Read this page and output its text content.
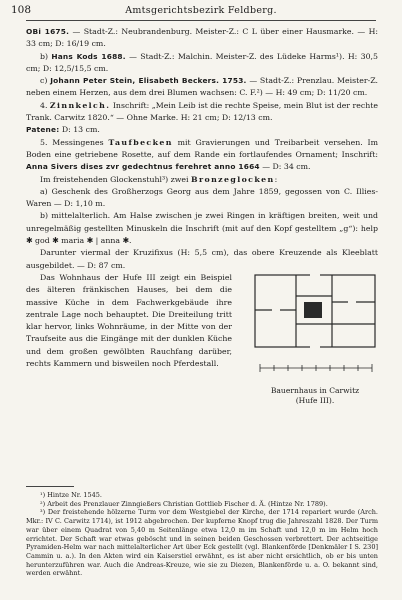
108	Amtsgerichtsbezirk Feldberg.

OBi 1675. — Stadt-Z.: Neubrandenburg. Meister-Z.: C L über einer Hausmarke. — H: 33 cm; D: 16/19 cm.

b) Hans Kods 1688. — Stadt-Z.: Malchin. Meister-Z. des Lüdeke Harms¹). H: 30,5 cm; D: 12,5/15,5 cm.

c) Johann Peter Stein, Elisabeth Beckers. 1753. — Stadt-Z.: Prenzlau. Meister-Z. neben einem Herzen, aus dem drei Blumen wachsen: C. F.²) — H: 49 cm; D: 11/20 cm.

4. Zinnkelch. Inschrift: „Mein Leib ist die rechte Speise, mein Blut ist der rechte Trank. Carwitz 1820.“ — Ohne Marke. H: 21 cm; D: 12/13 cm.

Patene: D: 13 cm.

5. Messingenes Taufbecken mit Gravierungen und Treibarbeit versehen. Im Boden eine getriebene Rosette, auf dem Rande ein fortlaufendes Ornament; Inschrift: Anna Sivers dises zvr gedechtnus ferehret anno 1664 — D: 34 cm.

Im freistehenden Glockenstuhl³) zwei Bronzeglocken:

a) Geschenk des Großherzogs Georg aus dem Jahre 1859, gegossen von C. Illies-Waren — D: 1,10 m.

b) mittelalterlich. Am Halse zwischen je zwei Ringen in kräftigen breiten, weit und unregelmäßig gestellten Minuskeln die Inschrift (mit auf den Kopf gestelltem „g“): help ✱ god ✱ maria ✱ | anna ✱.

Darunter viermal der Kruzifixus (H: 5,5 cm), das obere Kreuzende als Kleeblatt ausgebildet. — D: 87 cm.

Das Wohnhaus der Hufe III zeigt ein Beispiel des älteren fränkischen Hauses, bei dem die massive Küche in dem Fachwerkgebäude ihre zentrale Lage noch behauptet. Die Dreiteilung tritt klar hervor, links Wohnräume, in der Mitte von der Traufseite aus die Eingänge mit der dunklen Küche und dem großen gewölbten Rauchfang darüber, rechts Kammern und bisweilen noch Pferdestall.

Bauernhaus in Carwitz
(Hufe III).

¹) Hintze Nr. 1545.

²) Arbeit des Prenzlauer Zinngießers Christian Gottlieb Fischer d. Ä. (Hintze Nr. 1789).

³) Der freistehende hölzerne Turm vor dem Westgiebel der Kirche, der 1714 repariert wurde (Arch. Mkr.: IV C. Carwitz 1714), ist 1912 abgebrochen. Der kupferne Knopf trug die Jahreszahl 1828. Der Turm war über einem Quadrat von 5,40 m Seitenlänge etwa 12,0 m im Schaft und 12,0 m im Helm hoch errichtet. Der Schaft war etwas geböscht und in seinen beiden Geschossen verbrettert. Der achtseitige Pyramiden-Helm war nach mittelalterlicher Art über Eck gestellt (vgl. Blankenförde [Denkmäler I S. 230] Cammin u. a.). In den Akten wird ein Kaiserstiel erwähnt, es ist aber nicht ersichtlich, ob er bis unten herunterzuführen war. Auch die Andreas-Kreuze, wie sie zu Diezen, Blankenförde u. a. O. bekannt sind, werden erwähnt.
